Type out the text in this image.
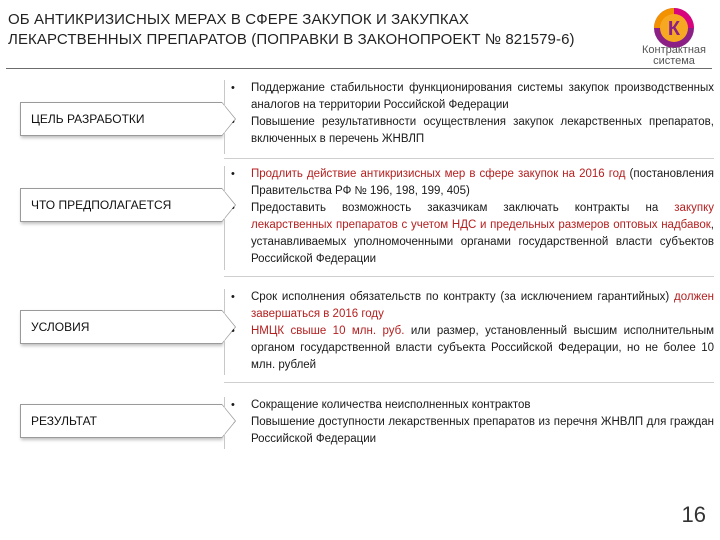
ОБ АНТИКРИЗИСНЫХ МЕРАХ В СФЕРЕ ЗАКУПОК И ЗАКУПКАХ
ЛЕКАРСТВЕННЫХ ПРЕПАРАТОВ (ПОПРАВКИ В ЗАКОНОПРОЕКТ № 821579-6)	К
Контрактная
система
ЦЕЛЬ РАЗРАБОТКИ
• Поддержание стабильности функционирования системы закупок производственных аналогов на территории Российской Федерации
Повышение результативности осуществления закупок лекарственных препаратов, включенных в перечень ЖНВЛП
ЧТО ПРЕДПОЛАГАЕТСЯ
• Продлить действие антикризисных мер в сфере закупок на 2016 год (постановления Правительства РФ № 196, 198, 199, 405)
Предоставить возможность заказчикам заключать контракты на закупку лекарственных препаратов с учетом НДС и предельных размеров оптовых надбавок, устанавливаемых уполномоченными органами государственной власти субъектов Российской Федерации
УСЛОВИЯ
• Срок исполнения обязательств по контракту (за исключением гарантийных) должен завершаться в 2016 году
НМЦК свыше 10 млн. руб. или размер, установленный высшим исполнительным органом государственной власти субъекта Российской Федерации, но не более 10 млн. рублей
РЕЗУЛЬТАТ
Сокращение количества неисполненных контрактов
Повышение доступности лекарственных препаратов из перечня ЖНВЛП для граждан Российской Федерации
16
